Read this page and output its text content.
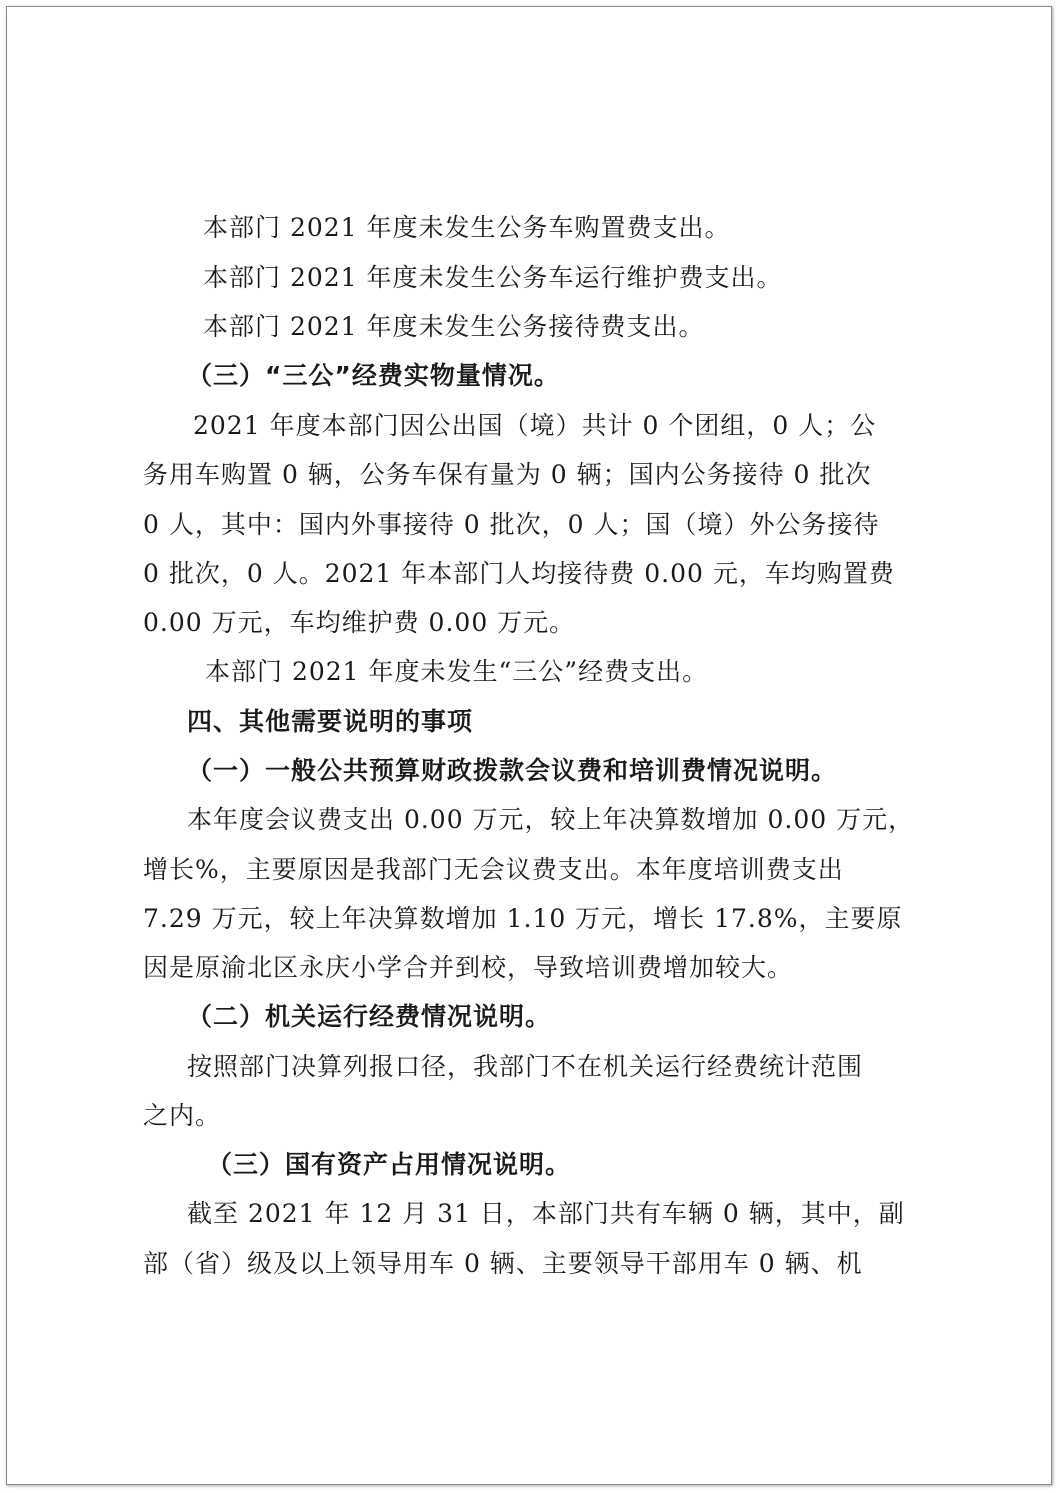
本部门 2021 年度未发生公务车购置费支出。
本部门 2021 年度未发生公务车运行维护费支出。
本部门 2021 年度未发生公务接待费支出。
（三）“三公”经费实物量情况。
2021 年度本部门因公出国（境）共计 0 个团组，0 人；公
务用车购置 0 辆，公务车保有量为 0 辆；国内公务接待 0 批次
0 人，其中：国内外事接待 0 批次，0 人；国（境）外公务接待
0 批次，0 人。2021 年本部门人均接待费 0.00 元，车均购置费
0.00 万元，车均维护费 0.00 万元。
本部门 2021 年度未发生“三公”经费支出。
四、其他需要说明的事项
（一）一般公共预算财政拨款会议费和培训费情况说明。
本年度会议费支出 0.00 万元，较上年决算数增加 0.00 万元，
增长%，主要原因是我部门无会议费支出。本年度培训费支出
7.29 万元，较上年决算数增加 1.10 万元，增长 17.8%，主要原
因是原渝北区永庆小学合并到校，导致培训费增加较大。
（二）机关运行经费情况说明。
按照部门决算列报口径，我部门不在机关运行经费统计范围
之内。
（三）国有资产占用情况说明。
截至 2021 年 12 月 31 日，本部门共有车辆 0 辆，其中，副
部（省）级及以上领导用车 0 辆、主要领导干部用车 0 辆、机
